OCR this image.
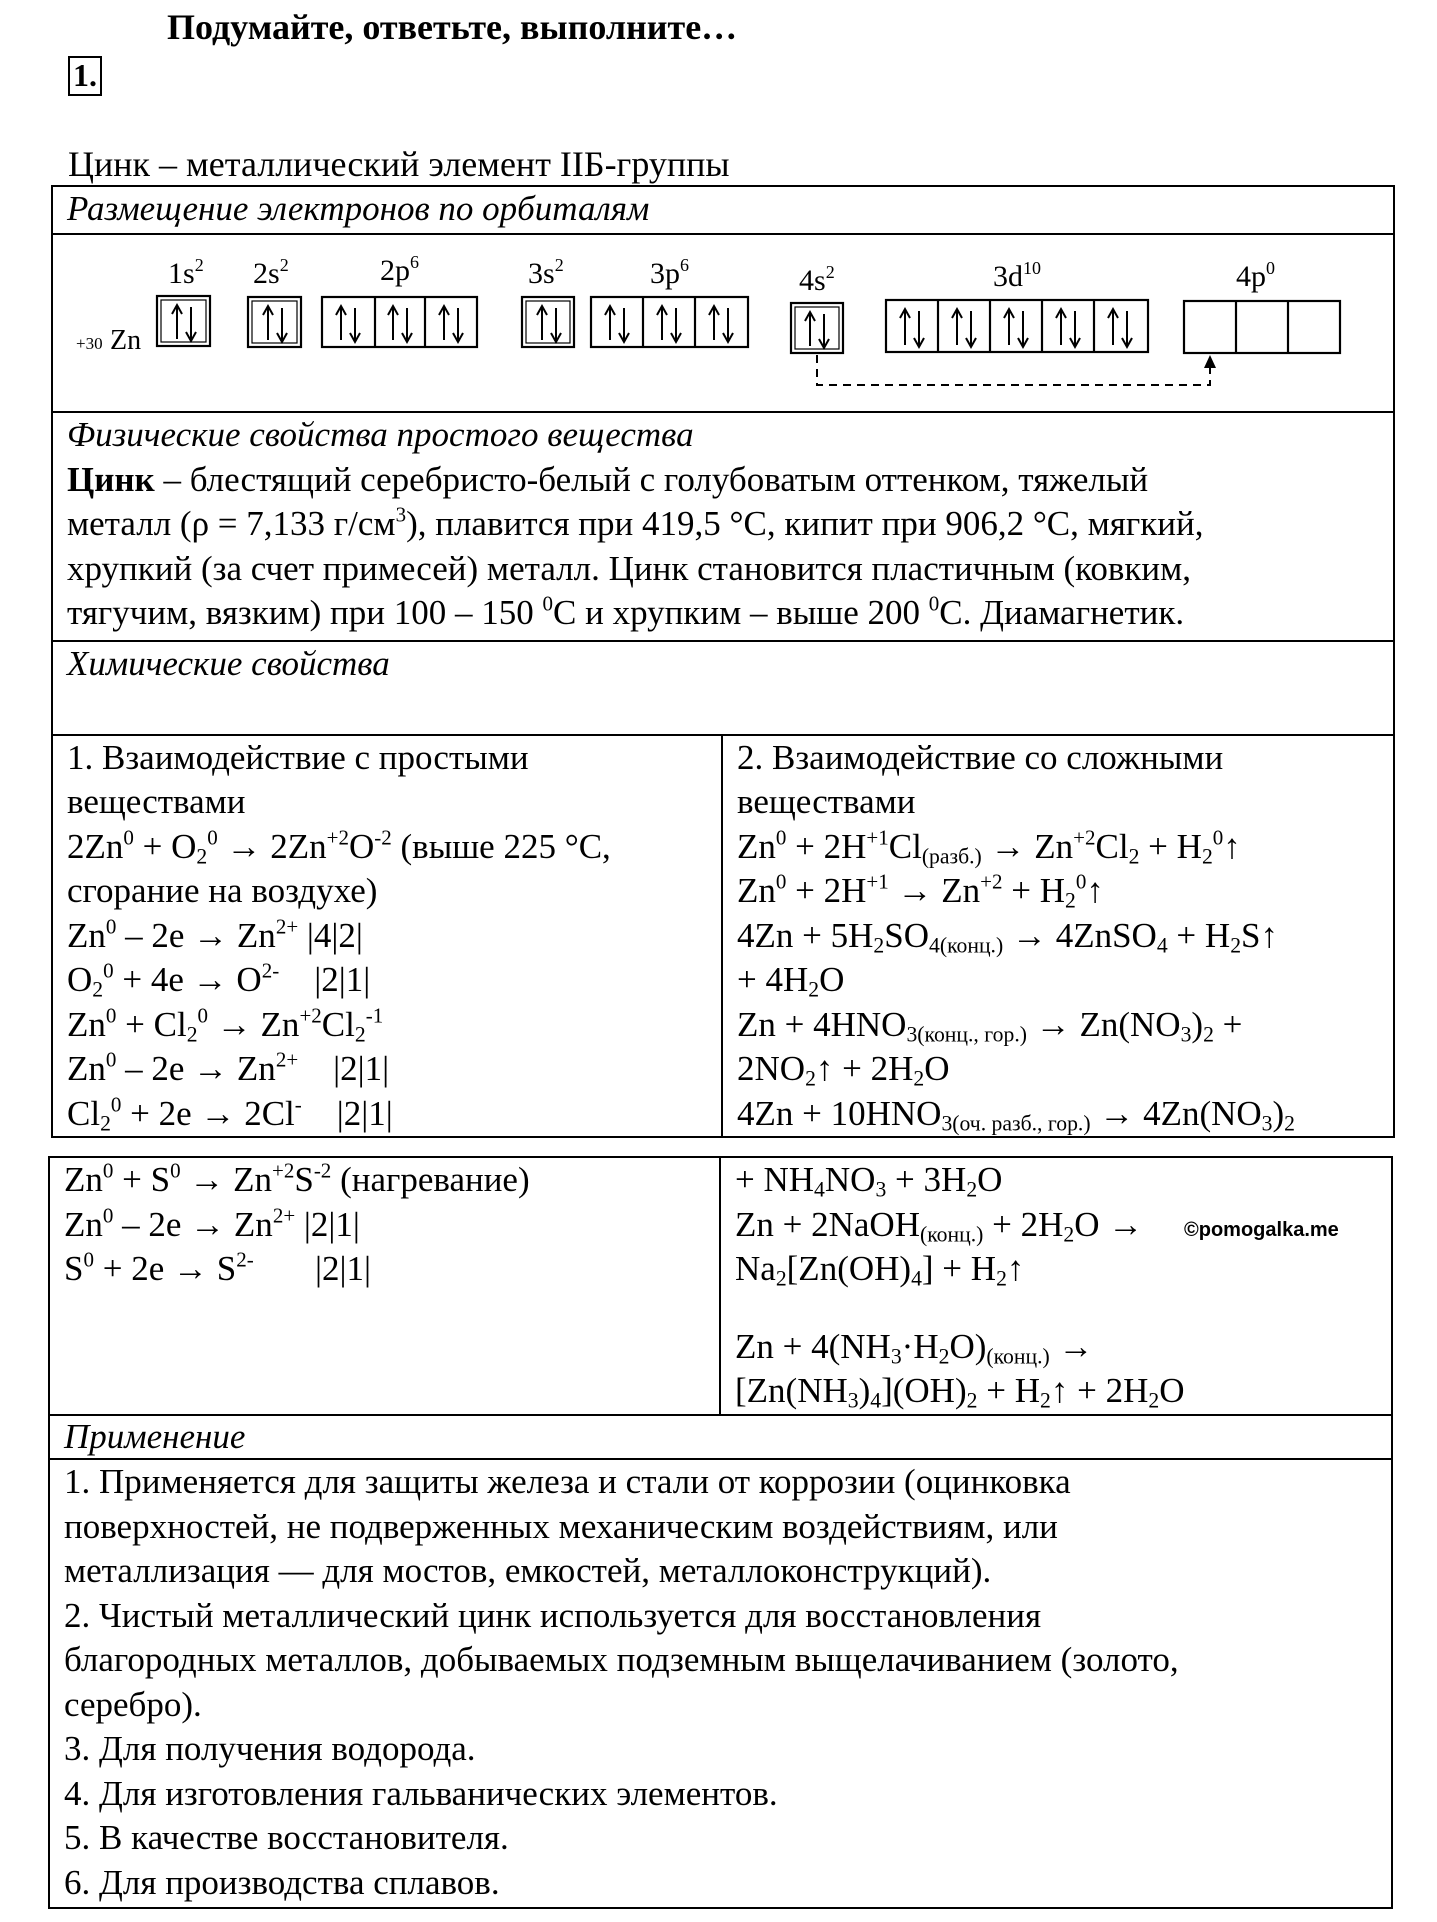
Подумайте, ответьте, выполните…
1.
Цинк – металлический элемент IIБ-группы
Размещение электронов по орбиталям

+30 Zn
$1s^2$ $2s^2$	$2p^6$	$3s^2$	$3p^6$	$4s^2$	$3d^{10}$	$4p^0$

Физические свойства простого вещества
Цинк – блестящий серебристо-белый с голубоватым оттенком, тяжелый
металл (ρ = 7,133 $г/см^3$), плавится при 419,5 °С, кипит при 906,2 °С, мягкий,
хрупкий (за счет примесей) металл. Цинк становится пластичным (ковким,
тягучим, вязким) при 100 – 150 $^0$С и хрупким – выше 200 $^0$С. Диамагнетик.

Химические свойства

1. Взаимодействие с простыми
веществами
$2Zn^0 + O_2^0 \to 2Zn^{+2}O^{-2}$ (выше 225 °С,
сгорание на воздухе)
$Zn^0 - 2e \to Zn^{2+}$ |4|2|
$O_2^0 + 4e \to O^{2-}$ |2|1|
$Zn^0 + Cl_2^0 \to Zn^{+2}Cl_2^{-1}$
$Zn^0 - 2e \to Zn^{2+}$ |2|1|
$Cl_2^0 + 2e \to 2Cl^-$ |2|1|

2. Взаимодействие со сложными
веществами
$Zn^0 + 2H^{+1}Cl_{(разб.)} \to Zn^{+2}Cl_2$ + $H_2^0↑$
$Zn^0 + 2H^{+1} \to Zn^{+2}$ + $H_2^0↑$
$4Zn + 5H_2SO_{4(конц.)}$ → 4ZnSO$_4$ + $H_2S↑$
+ $4H_2O$
$Zn + 4HNO_{3(конц., гор.)} \to Zn(NO_3)_2$ +
$2NO_2↑ + 2H_2O$
$4Zn + 10HNO_{3(оч. разб., гор.)} \to 4Zn(NO_3)_2$
$Zn^0 + S^0 \to Zn^{+2}S^{-2}$ (нагревание)
$Zn^0 - 2e \to Zn^{2+}$ |2|1|
$S^0 + 2e \to S^{2-}$ |2|1|

+ $NH_4NO_3 + 3H_2O$
Zn + 2NaOH$_{(конц.)}$ + $2H_2O$ →
$Na_2[Zn(OH)_4]$ + $H_2↑$
$Zn + 4(NH_3\cdot H_2O)_{(конц.)}$ →
$[Zn(NH_3)_4](OH)_2$ + $H_2↑ + 2H_2O$

Применение

1. Применяется для защиты железа и стали от коррозии (оцинковка
поверхностей, не подверженных механическим воздействиям, или
металлизация — для мостов, емкостей, металлоконструкций).
2. Чистый металлический цинк используется для восстановления
благородных металлов, добываемых подземным выщелачиванием (золото,
серебро).
3. Для получения водорода.
4. Для изготовления гальванических элементов.
5. В качестве восстановителя.
6. Для производства сплавов.
©pomogalka.me
